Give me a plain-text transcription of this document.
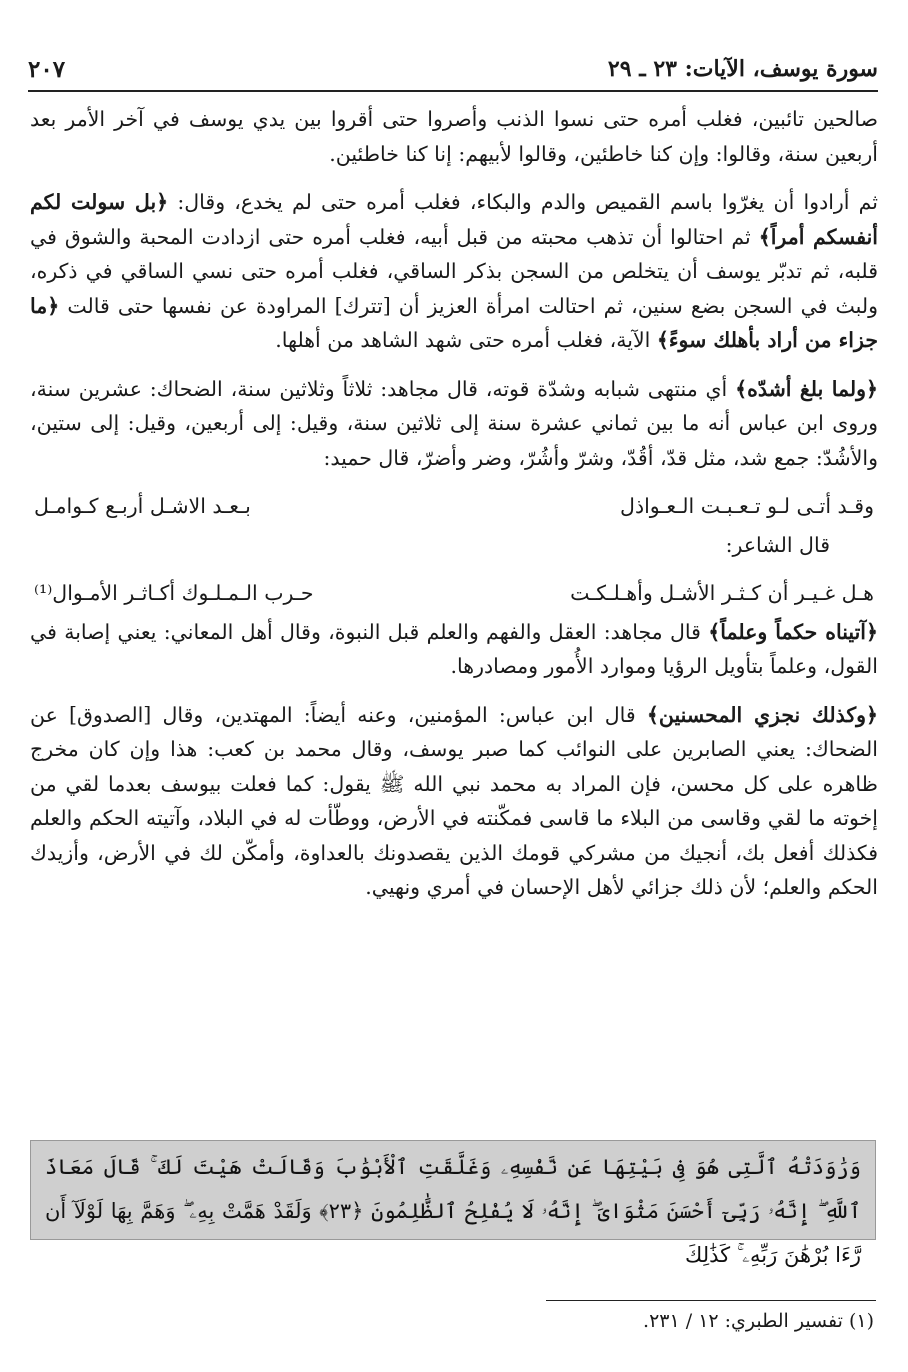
سورة يوسف، الآيات: ٢٣ ـ ٢٩
٢٠٧

صالحين تائبين، فغلب أمره حتى نسوا الذنب وأصروا حتى أقروا بين يدي يوسف في آخر الأمر بعد أربعين سنة، وقالوا: وإن كنا خاطئين، وقالوا لأبيهم: إنا كنا خاطئين.

ثم أرادوا أن يغرّوا باسم القميص والدم والبكاء، فغلب أمره حتى لم يخدع، وقال: ﴿بل سولت لكم أنفسكم أمراً﴾ ثم احتالوا أن تذهب محبته من قبل أبيه، فغلب أمره حتى ازدادت المحبة والشوق في قلبه، ثم تدبّر يوسف أن يتخلص من السجن بذكر الساقي، فغلب أمره حتى نسي الساقي في ذكره، ولبث في السجن بضع سنين، ثم احتالت امرأة العزيز أن [تترك] المراودة عن نفسها حتى قالت ﴿ما جزاء من أراد بأهلك سوءً﴾ الآية، فغلب أمره حتى شهد الشاهد من أهلها.

﴿ولما بلغ أشدّه﴾ أي منتهى شبابه وشدّة قوته، قال مجاهد: ثلاثاً وثلاثين سنة، الضحاك: عشرين سنة، وروى ابن عباس أنه ما بين ثماني عشرة سنة إلى ثلاثين سنة، وقيل: إلى أربعين، وقيل: إلى ستين، والأشُدّ: جمع شد، مثل قدّ، أقُدّ، وشرّ وأشُرّ، وضر وأضرّ، قال حميد:

وقـد أتـى لـو تـعـبـت الـعـواذل
بـعـد الاشـل أربـع كـوامـل

قال الشاعر:

هـل غـيـر أن كـثـر الأشـل وأهـلـكـت
حـرب الـمـلـوك أكـاثـر الأمـوال⁽¹⁾

﴿آتيناه حكماً وعلماً﴾ قال مجاهد: العقل والفهم والعلم قبل النبوة، وقال أهل المعاني: يعني إصابة في القول، وعلماً بتأويل الرؤيا وموارد الأُمور ومصادرها.

﴿وكذلك نجزي المحسنين﴾ قال ابن عباس: المؤمنين، وعنه أيضاً: المهتدين، وقال [الصدوق] عن الضحاك: يعني الصابرين على النوائب كما صبر يوسف، وقال محمد بن كعب: هذا وإن كان مخرج ظاهره على كل محسن، فإن المراد به محمد نبي الله ﷺ يقول: كما فعلت بيوسف بعدما لقي من إخوته ما لقي وقاسى من البلاء ما قاسى فمكّنته في الأرض، ووطّأت له في البلاد، وآتيته الحكم والعلم فكذلك أفعل بك، أنجيك من مشركي قومك الذين يقصدونك بالعداوة، وأمكّن لك في الأرض، وأزيدك الحكم والعلم؛ لأن ذلك جزائي لأهل الإحسان في أمري ونهيي.

وَرَٰوَدَتْهُ ٱلَّتِى هُوَ فِى بَيْتِهَا عَن نَّفْسِهِۦ وَغَلَّقَتِ ٱلْأَبْوَٰبَ وَقَالَتْ هَيْتَ لَكَ ۚ قَالَ مَعَاذَ ٱللَّهِ ۖ إِنَّهُۥ رَبِّىٓ أَحْسَنَ مَثْوَاىَ ۖ إِنَّهُۥ لَا يُفْلِحُ ٱلظَّٰلِمُونَ ﴿٢٣﴾ وَلَقَدْ هَمَّتْ بِهِۦ ۖ وَهَمَّ بِهَا لَوْلَآ أَن رَّءَا بُرْهَٰنَ رَبِّهِۦ ۚ كَذَٰلِكَ
(١) تفسير الطبري: ١٢ / ٢٣١.
